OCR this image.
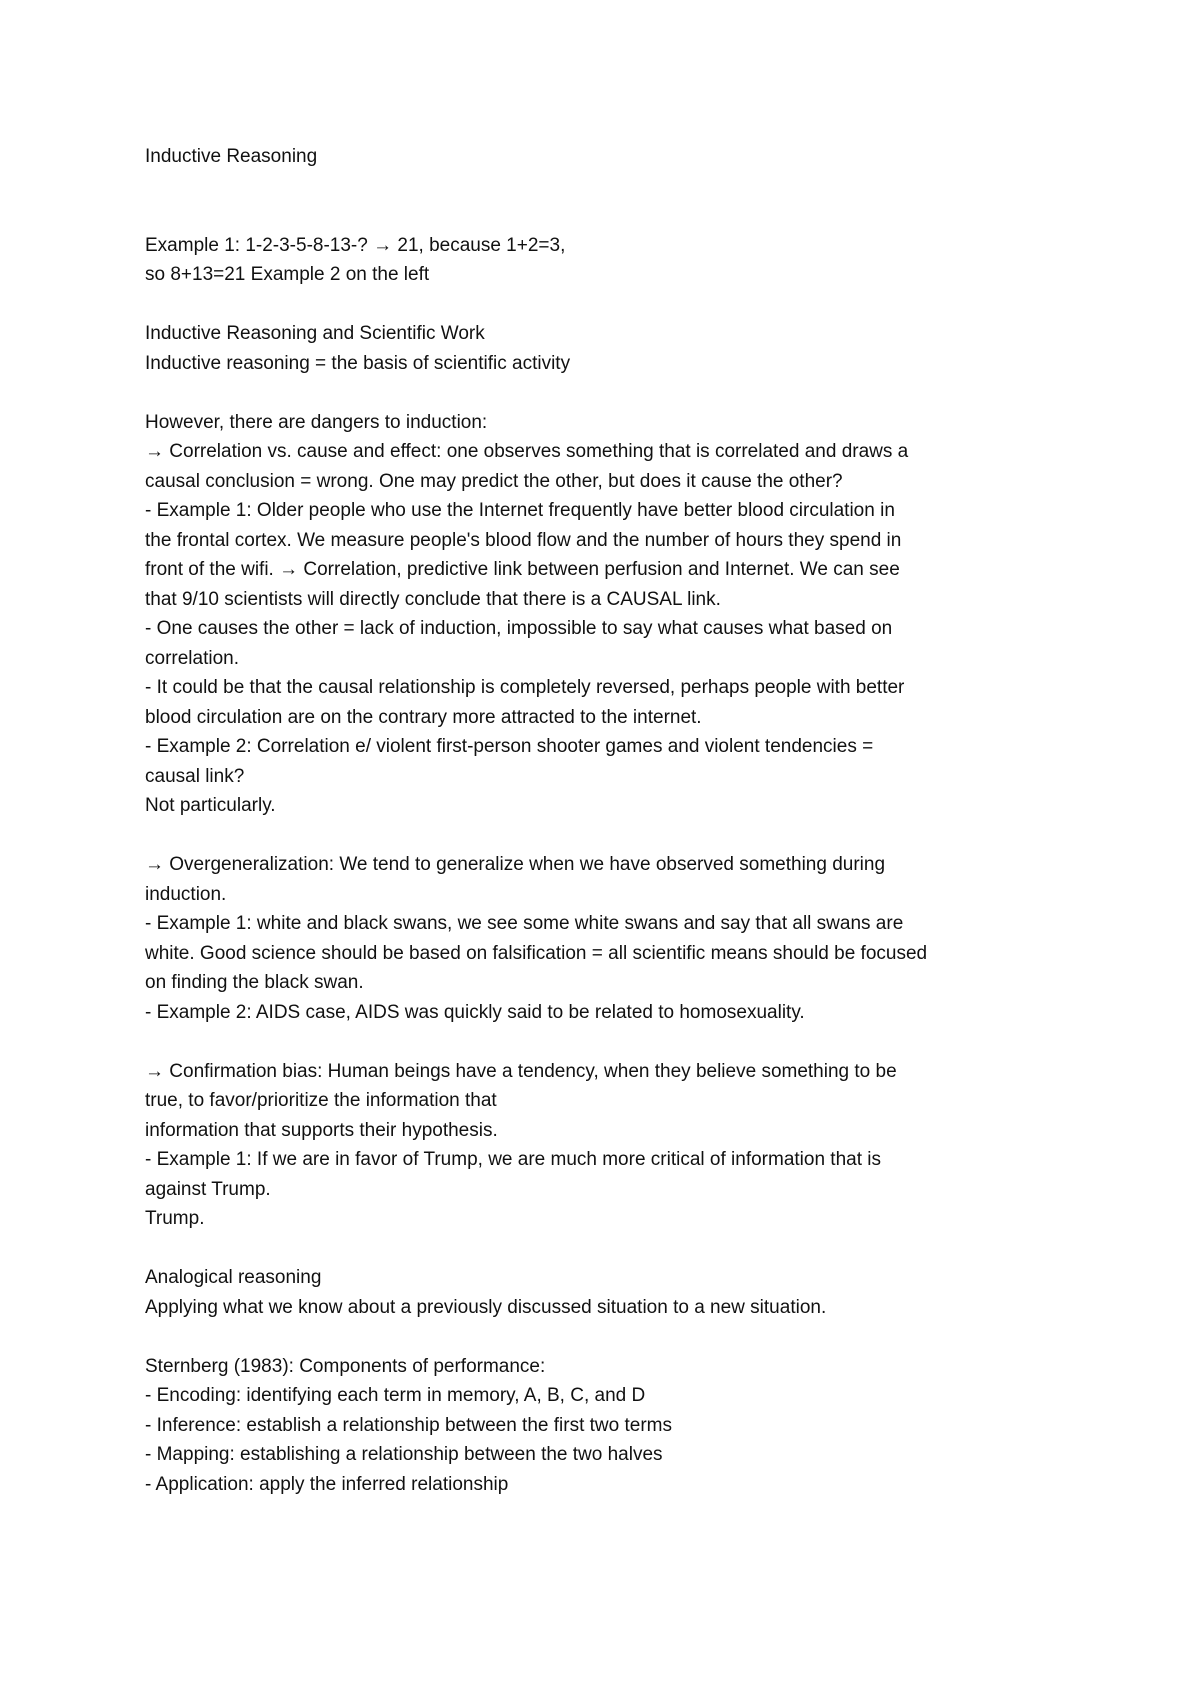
Inductive Reasoning
Example 1: 1-2-3-5-8-13-? → 21, because 1+2=3,
so 8+13=21 Example 2 on the left
Inductive Reasoning and Scientific Work
Inductive reasoning = the basis of scientific activity
However, there are dangers to induction:
→ Correlation vs. cause and effect: one observes something that is correlated and draws a
causal conclusion = wrong. One may predict the other, but does it cause the other?
- Example 1: Older people who use the Internet frequently have better blood circulation in
the frontal cortex. We measure people's blood flow and the number of hours they spend in
front of the wifi. → Correlation, predictive link between perfusion and Internet. We can see
that 9/10 scientists will directly conclude that there is a CAUSAL link.
- One causes the other = lack of induction, impossible to say what causes what based on
correlation.
- It could be that the causal relationship is completely reversed, perhaps people with better
blood circulation are on the contrary more attracted to the internet.
- Example 2: Correlation e/ violent first-person shooter games and violent tendencies =
causal link?
Not particularly.
→ Overgeneralization: We tend to generalize when we have observed something during
induction.
- Example 1: white and black swans, we see some white swans and say that all swans are
white. Good science should be based on falsification = all scientific means should be focused
on finding the black swan.
- Example 2: AIDS case, AIDS was quickly said to be related to homosexuality.
→ Confirmation bias: Human beings have a tendency, when they believe something to be
true, to favor/prioritize the information that
information that supports their hypothesis.
- Example 1: If we are in favor of Trump, we are much more critical of information that is
against Trump.
Trump.
Analogical reasoning
Applying what we know about a previously discussed situation to a new situation.
Sternberg (1983): Components of performance:
- Encoding: identifying each term in memory, A, B, C, and D
- Inference: establish a relationship between the first two terms
- Mapping: establishing a relationship between the two halves
- Application: apply the inferred relationship
